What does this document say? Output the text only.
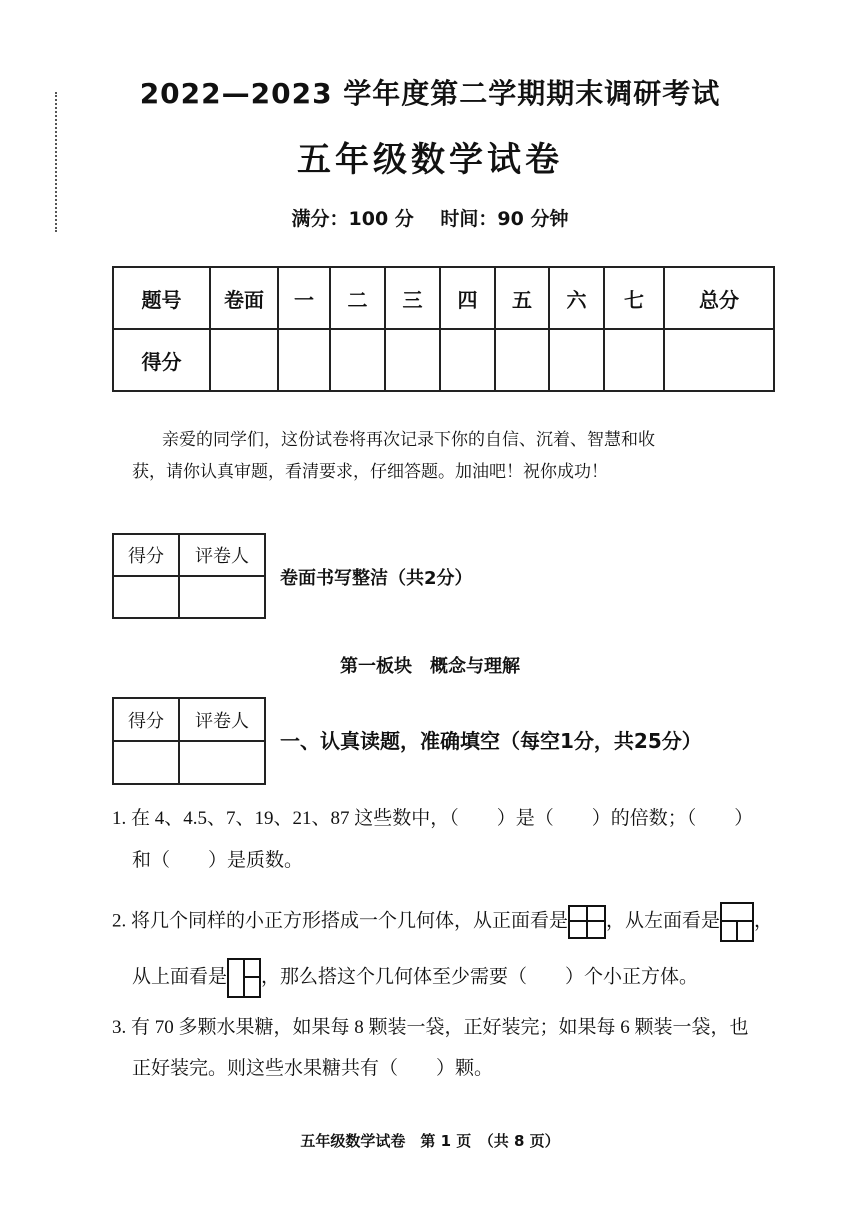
2022—2023 学年度第二学期期末调研考试
五年级数学试卷
满分：100 分 时间：90 分钟
题号	卷面	一	二	三	四	五	六	七	总分
得分									

亲爱的同学们，这份试卷将再次记录下你的自信、沉着、智慧和收

获，请你认真审题，看清要求，仔细答题。加油吧！祝你成功！

得分	评卷人

卷面书写整洁（共2分）
第一板块　概念与理解
得分	评卷人

一、认真读题，准确填空（每空1分，共25分）
1. 在 4、4.5、7、19、21、87 这些数中，（　　）是（　　）的倍数；（　　）
和（　　）是质数。
2. 将几个同样的小正方形搭成一个几何体，从正面看是 ，从左面看是 ，
从上面看是 ，那么搭这个几何体至少需要（　　）个小正方体。
3. 有 70 多颗水果糖，如果每 8 颗装一袋，正好装完；如果每 6 颗装一袋，也
正好装完。则这些水果糖共有（　　）颗。
五年级数学试卷　第 1 页　（共 8 页）
